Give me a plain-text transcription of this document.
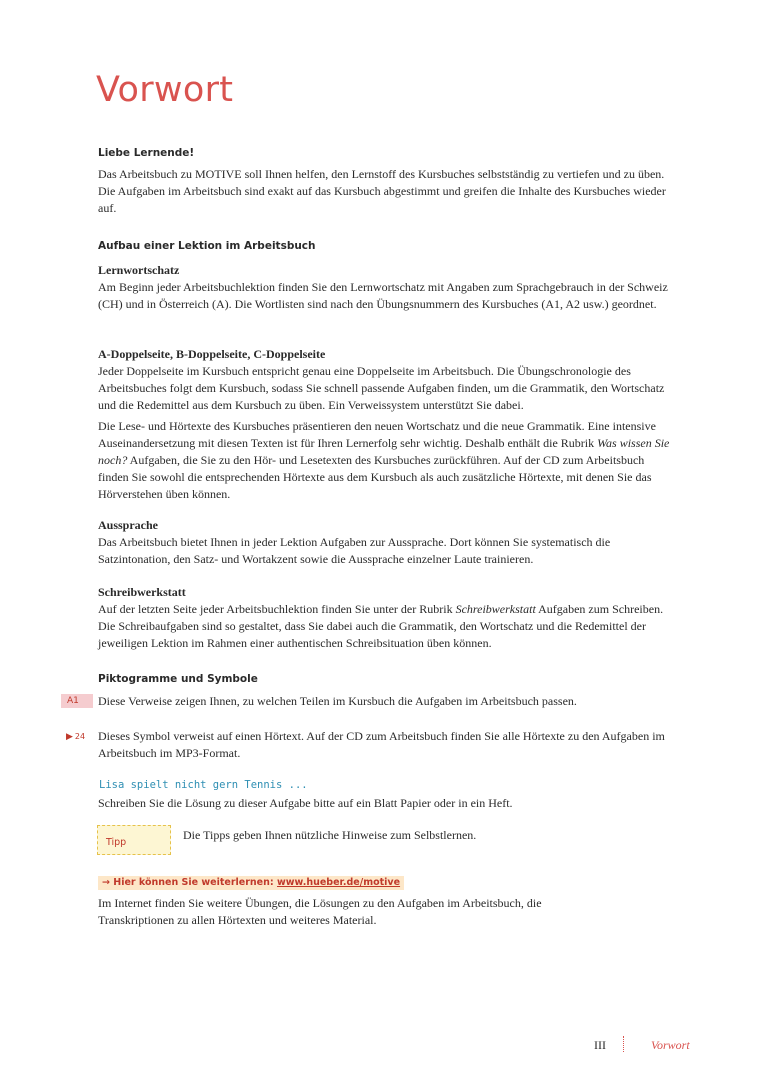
Vorwort
Liebe Lernende!

Das Arbeitsbuch zu MOTIVE soll Ihnen helfen, den Lernstoff des Kursbuches selbstständig zu vertiefen und zu üben. Die Aufgaben im Arbeitsbuch sind exakt auf das Kursbuch abgestimmt und greifen die Inhalte des Kursbuches wieder auf.

Aufbau einer Lektion im Arbeitsbuch
Lernwortschatz

Am Beginn jeder Arbeitsbuchlektion finden Sie den Lernwortschatz mit Angaben zum Sprachgebrauch in der Schweiz (CH) und in Österreich (A). Die Wortlisten sind nach den Übungsnummern des Kursbuches (A1, A2 usw.) geordnet.

A-Doppelseite, B-Doppelseite, C-Doppelseite

Jeder Doppelseite im Kursbuch entspricht genau eine Doppelseite im Arbeitsbuch. Die Übungschronologie des Arbeitsbuches folgt dem Kursbuch, sodass Sie schnell passende Aufgaben finden, um die Grammatik, den Wortschatz und die Redemittel aus dem Kursbuch zu üben. Ein Verweissystem unterstützt Sie dabei.

Die Lese- und Hörtexte des Kursbuches präsentieren den neuen Wortschatz und die neue Grammatik. Eine intensive Auseinandersetzung mit diesen Texten ist für Ihren Lernerfolg sehr wichtig. Deshalb enthält die Rubrik Was wissen Sie noch? Aufgaben, die Sie zu den Hör- und Lesetexten des Kursbuches zurückführen. Auf der CD zum Arbeitsbuch finden Sie sowohl die entsprechenden Hörtexte aus dem Kursbuch als auch zusätzliche Hörtexte, mit denen Sie das Hörverstehen üben können.

Aussprache

Das Arbeitsbuch bietet Ihnen in jeder Lektion Aufgaben zur Aussprache. Dort können Sie systematisch die Satzintonation, den Satz- und Wortakzent sowie die Aussprache einzelner Laute trainieren.

Schreibwerkstatt

Auf der letzten Seite jeder Arbeitsbuchlektion finden Sie unter der Rubrik Schreibwerkstatt Aufgaben zum Schreiben. Die Schreibaufgaben sind so gestaltet, dass Sie dabei auch die Grammatik, den Wortschatz und die Redemittel der jeweiligen Lektion im Rahmen einer authentischen Schreibsituation üben können.

Piktogramme und Symbole
A1	Diese Verweise zeigen Ihnen, zu welchen Teilen im Kursbuch die Aufgaben im Arbeitsbuch passen.

▶ 24 Dieses Symbol verweist auf einen Hörtext. Auf der CD zum Arbeitsbuch finden Sie alle Hörtexte zu den Aufgaben im Arbeitsbuch im MP3-Format.

Lisa spielt nicht gern Tennis ...

Schreiben Sie die Lösung zu dieser Aufgabe bitte auf ein Blatt Papier oder in ein Heft.

Tipp

Die Tipps geben Ihnen nützliche Hinweise zum Selbstlernen.

→ Hier können Sie weiterlernen: www.hueber.de/motive

Im Internet finden Sie weitere Übungen, die Lösungen zu den Aufgaben im Arbeitsbuch, die Transkriptionen zu allen Hörtexten und weiteres Material.

III	Vorwort
